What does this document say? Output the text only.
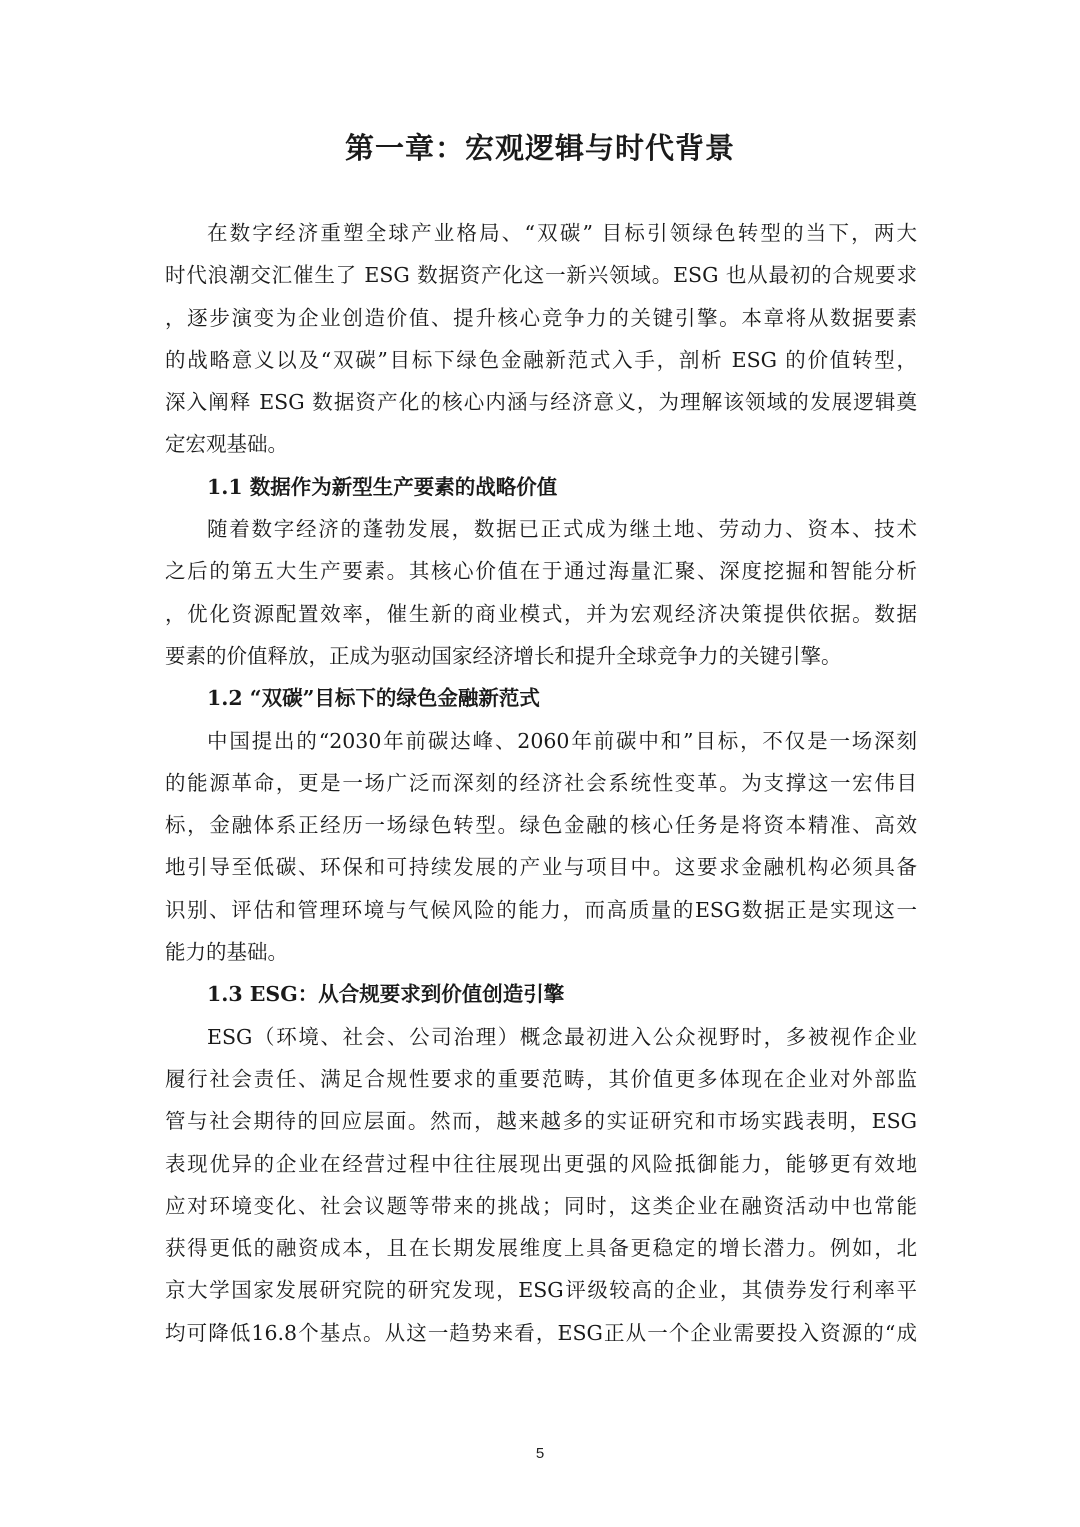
第一章：宏观逻辑与时代背景
在数字经济重塑全球产业格局、“双碳” 目标引领绿色转型的当下，两大
时代浪潮交汇催生了 ESG 数据资产化这一新兴领域。ESG 也从最初的合规要求
，逐步演变为企业创造价值、提升核心竞争力的关键引擎。本章将从数据要素
的战略意义以及“双碳”目标下绿色金融新范式入手，剖析 ESG 的价值转型，
深入阐释 ESG 数据资产化的核心内涵与经济意义，为理解该领域的发展逻辑奠
定宏观基础。
1.1 数据作为新型生产要素的战略价值
随着数字经济的蓬勃发展，数据已正式成为继土地、劳动力、资本、技术
之后的第五大生产要素。其核心价值在于通过海量汇聚、深度挖掘和智能分析
，优化资源配置效率，催生新的商业模式，并为宏观经济决策提供依据。数据
要素的价值释放，正成为驱动国家经济增长和提升全球竞争力的关键引擎。
1.2 “双碳”目标下的绿色金融新范式
中国提出的“2030年前碳达峰、2060年前碳中和”目标，不仅是一场深刻
的能源革命，更是一场广泛而深刻的经济社会系统性变革。为支撑这一宏伟目
标，金融体系正经历一场绿色转型。绿色金融的核心任务是将资本精准、高效
地引导至低碳、环保和可持续发展的产业与项目中。这要求金融机构必须具备
识别、评估和管理环境与气候风险的能力，而高质量的ESG数据正是实现这一
能力的基础。
1.3 ESG：从合规要求到价值创造引擎
ESG（环境、社会、公司治理）概念最初进入公众视野时，多被视作企业
履行社会责任、满足合规性要求的重要范畴，其价值更多体现在企业对外部监
管与社会期待的回应层面。然而，越来越多的实证研究和市场实践表明，ESG
表现优异的企业在经营过程中往往展现出更强的风险抵御能力，能够更有效地
应对环境变化、社会议题等带来的挑战；同时，这类企业在融资活动中也常能
获得更低的融资成本，且在长期发展维度上具备更稳定的增长潜力。例如，北
京大学国家发展研究院的研究发现，ESG评级较高的企业，其债券发行利率平
均可降低16.8个基点。从这一趋势来看，ESG正从一个企业需要投入资源的“成
5
